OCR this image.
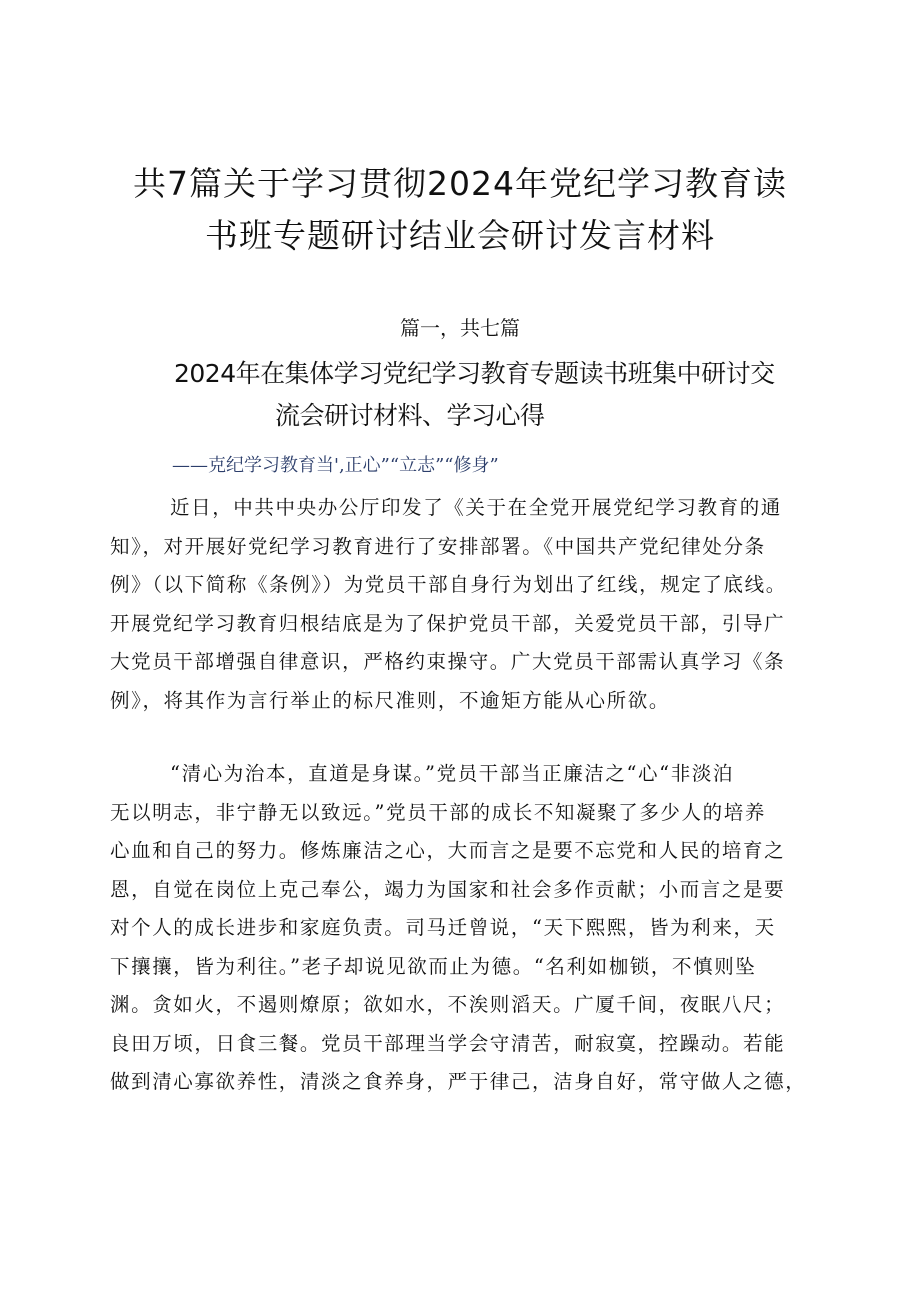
共7篇关于学习贯彻2024年党纪学习教育读
书班专题研讨结业会研讨发言材料

篇一，共七篇

2024年在集体学习党纪学习教育专题读书班集中研讨交
流会研讨材料、学习心得

——克纪学习教育当',正心”“立志”“修身”

近日，中共中央办公厅印发了《关于在全党开展党纪学习教育的通
知》，对开展好党纪学习教育进行了安排部署。《中国共产党纪律处分条
例》（以下简称《条例》）为党员干部自身行为划出了红线，规定了底线。
开展党纪学习教育归根结底是为了保护党员干部，关爱党员干部，引导广
大党员干部增强自律意识，严格约束操守。广大党员干部需认真学习《条
例》，将其作为言行举止的标尺准则，不逾矩方能从心所欲。
“清心为治本，直道是身谋。”党员干部当正廉洁之“心“非淡泊
无以明志，非宁静无以致远。”党员干部的成长不知凝聚了多少人的培养
心血和自己的努力。修炼廉洁之心，大而言之是要不忘党和人民的培育之
恩，自觉在岗位上克己奉公，竭力为国家和社会多作贡献；小而言之是要
对个人的成长进步和家庭负责。司马迁曾说，“天下熙熙，皆为利来，天
下攘攘，皆为利往。”老子却说见欲而止为德。“名利如枷锁，不慎则坠
渊。贪如火，不遏则燎原；欲如水，不涘则滔天。广厦千间，夜眠八尺；
良田万顷，日食三餐。党员干部理当学会守清苦，耐寂寞，控躁动。若能
做到清心寡欲养性，清淡之食养身，严于律己，洁身自好，常守做人之德，
